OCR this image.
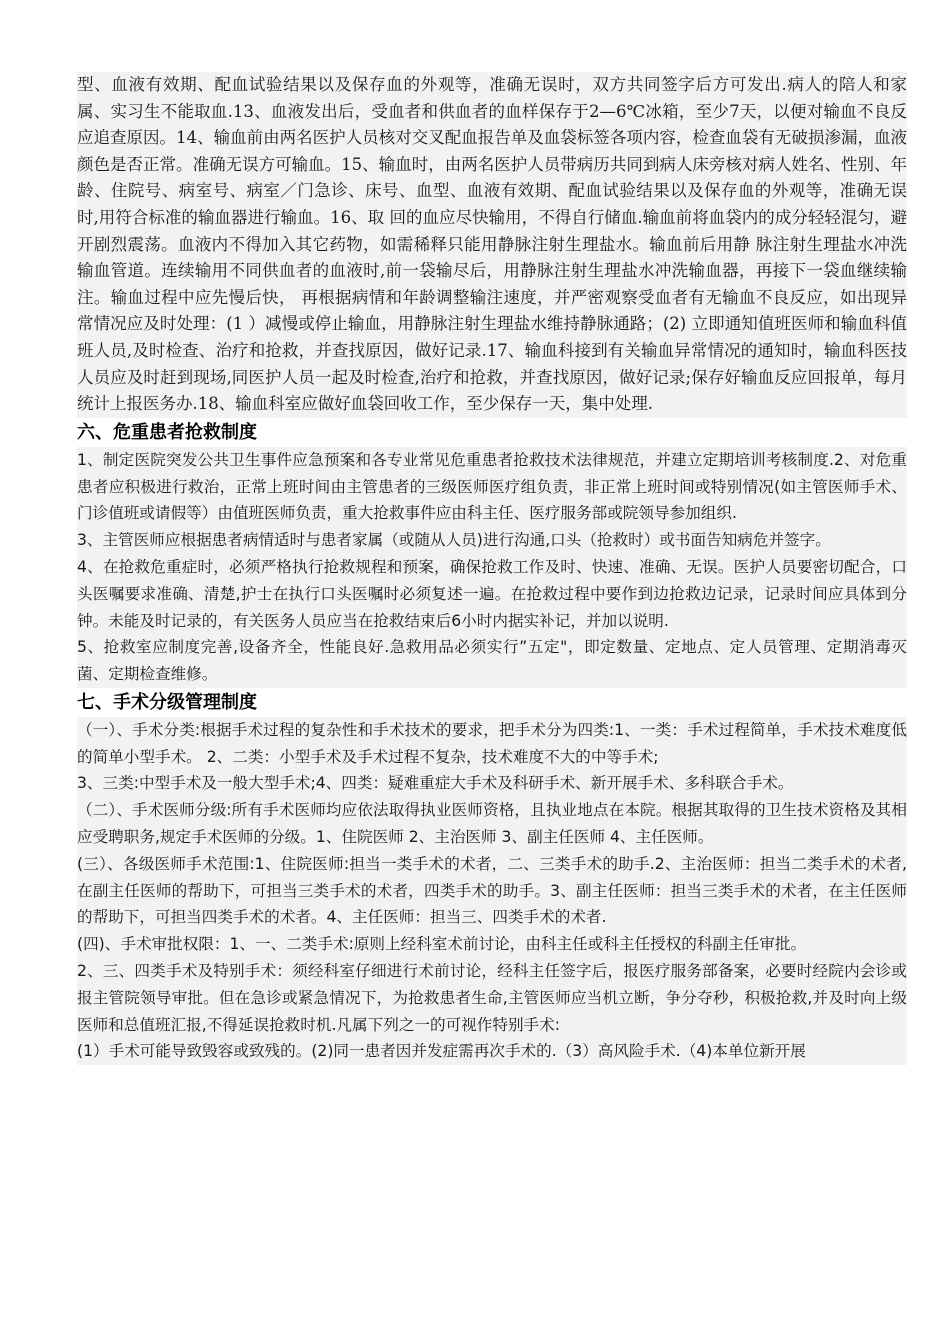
型、血液有效期、配血试验结果以及保存血的外观等，准确无误时，双方共同签字后方可发出.病人的陪人和家属、实习生不能取血.13、血液发出后，受血者和供血者的血样保存于2—6℃冰箱，至少7天，以便对输血不良反应追查原因。14、输血前由两名医护人员核对交叉配血报告单及血袋标签各项内容，检查血袋有无破损渗漏，血液颜色是否正常。准确无误方可输血。15、输血时，由两名医护人员带病历共同到病人床旁核对病人姓名、性别、年龄、住院号、病室号、病室／门急诊、床号、血型、血液有效期、配血试验结果以及保存血的外观等，准确无误时,用符合标准的输血器进行输血。16、取 回的血应尽快输用，不得自行储血.输血前将血袋内的成分轻轻混匀，避开剧烈震荡。血液内不得加入其它药物，如需稀释只能用静脉注射生理盐水。输血前后用静 脉注射生理盐水冲洗输血管道。连续输用不同供血者的血液时,前一袋输尽后，用静脉注射生理盐水冲洗输血器，再接下一袋血继续输注。输血过程中应先慢后快， 再根据病情和年龄调整输注速度，并严密观察受血者有无输血不良反应，如出现异常情况应及时处理：(1 ）减慢或停止输血，用静脉注射生理盐水维持静脉通路；(2) 立即通知值班医师和输血科值班人员,及时检查、治疗和抢救，并查找原因，做好记录.17、输血科接到有关输血异常情况的通知时，输血科医技人员应及时赶到现场,同医护人员一起及时检查,治疗和抢救，并查找原因，做好记录;保存好输血反应回报单，每月统计上报医务办.18、输血科室应做好血袋回收工作，至少保存一天，集中处理.

六、危重患者抢救制度

1、制定医院突发公共卫生事件应急预案和各专业常见危重患者抢救技术法律规范，并建立定期培训考核制度.2、对危重患者应积极进行救治，正常上班时间由主管患者的三级医师医疗组负责，非正常上班时间或特别情况(如主管医师手术、门诊值班或请假等）由值班医师负责，重大抢救事件应由科主任、医疗服务部或院领导参加组织.

3、主管医师应根据患者病情适时与患者家属（或随从人员)进行沟通,口头（抢救时）或书面告知病危并签字。

4、在抢救危重症时，必须严格执行抢救规程和预案，确保抢救工作及时、快速、准确、无误。医护人员要密切配合，口头医嘱要求准确、清楚,护士在执行口头医嘱时必须复述一遍。在抢救过程中要作到边抢救边记录，记录时间应具体到分钟。未能及时记录的，有关医务人员应当在抢救结束后6小时内据实补记，并加以说明.

5、抢救室应制度完善,设备齐全，性能良好.急救用品必须实行”五定"，即定数量、定地点、定人员管理、定期消毒灭菌、定期检查维修。

七、手术分级管理制度

（一）、手术分类:根据手术过程的复杂性和手术技术的要求，把手术分为四类:1、一类：手术过程简单，手术技术难度低的简单小型手术。 2、二类：小型手术及手术过程不复杂，技术难度不大的中等手术;

3、三类:中型手术及一般大型手术;4、四类：疑难重症大手术及科研手术、新开展手术、多科联合手术。

（二）、手术医师分级:所有手术医师均应依法取得执业医师资格，且执业地点在本院。根据其取得的卫生技术资格及其相应受聘职务,规定手术医师的分级。1、住院医师 2、主治医师 3、副主任医师 4、主任医师。

(三）、各级医师手术范围:1、住院医师:担当一类手术的术者，二、三类手术的助手.2、主治医师：担当二类手术的术者,在副主任医师的帮助下，可担当三类手术的术者，四类手术的助手。3、副主任医师：担当三类手术的术者，在主任医师的帮助下，可担当四类手术的术者。4、主任医师：担当三、四类手术的术者.

(四)、手术审批权限：1、一、二类手术:原则上经科室术前讨论，由科主任或科主任授权的科副主任审批。

2、三、四类手术及特别手术：须经科室仔细进行术前讨论，经科主任签字后，报医疗服务部备案，必要时经院内会诊或报主管院领导审批。但在急诊或紧急情况下，为抢救患者生命,主管医师应当机立断，争分夺秒，积极抢救,并及时向上级医师和总值班汇报,不得延误抢救时机.凡属下列之一的可视作特别手术:

(1）手术可能导致毁容或致残的。(2)同一患者因并发症需再次手术的.（3）高风险手术.（4)本单位新开展
